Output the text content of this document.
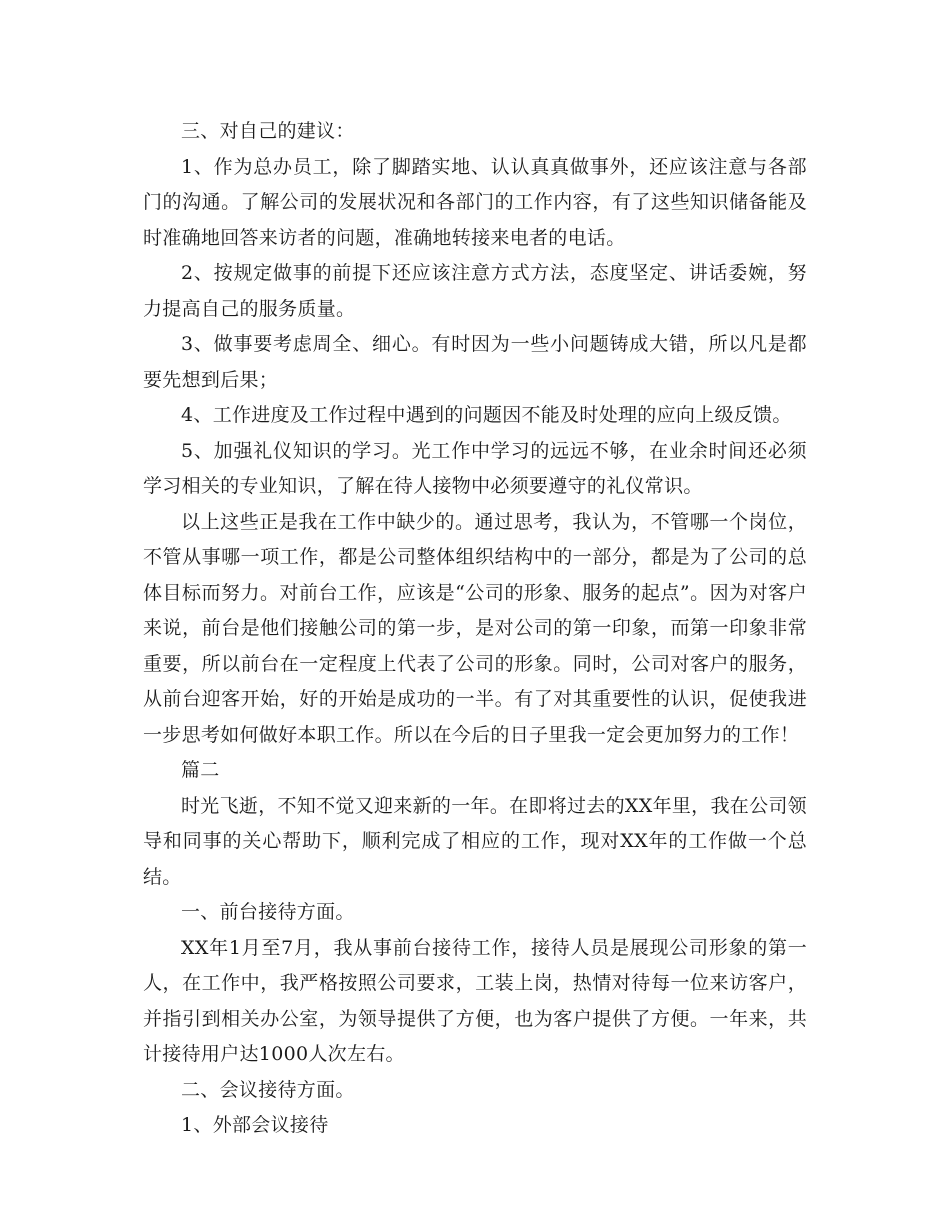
三、对自己的建议：

1、作为总办员工，除了脚踏实地、认认真真做事外，还应该注意与各部门的沟通。了解公司的发展状况和各部门的工作内容，有了这些知识储备能及时准确地回答来访者的问题，准确地转接来电者的电话。

2、按规定做事的前提下还应该注意方式方法，态度坚定、讲话委婉，努力提高自己的服务质量。

3、做事要考虑周全、细心。有时因为一些小问题铸成大错，所以凡是都要先想到后果；

4、工作进度及工作过程中遇到的问题因不能及时处理的应向上级反馈。

5、加强礼仪知识的学习。光工作中学习的远远不够，在业余时间还必须学习相关的专业知识，了解在待人接物中必须要遵守的礼仪常识。

以上这些正是我在工作中缺少的。通过思考，我认为，不管哪一个岗位，不管从事哪一项工作，都是公司整体组织结构中的一部分，都是为了公司的总体目标而努力。对前台工作，应该是“公司的形象、服务的起点”。因为对客户来说，前台是他们接触公司的第一步，是对公司的第一印象，而第一印象非常重要，所以前台在一定程度上代表了公司的形象。同时，公司对客户的服务，从前台迎客开始，好的开始是成功的一半。有了对其重要性的认识，促使我进一步思考如何做好本职工作。所以在今后的日子里我一定会更加努力的工作！

篇二

时光飞逝，不知不觉又迎来新的一年。在即将过去的XX年里，我在公司领导和同事的关心帮助下，顺利完成了相应的工作，现对XX年的工作做一个总结。

一、前台接待方面。

XX年1月至7月，我从事前台接待工作，接待人员是展现公司形象的第一人，在工作中，我严格按照公司要求，工装上岗，热情对待每一位来访客户，并指引到相关办公室，为领导提供了方便，也为客户提供了方便。一年来，共计接待用户达1000人次左右。

二、会议接待方面。

1、外部会议接待
